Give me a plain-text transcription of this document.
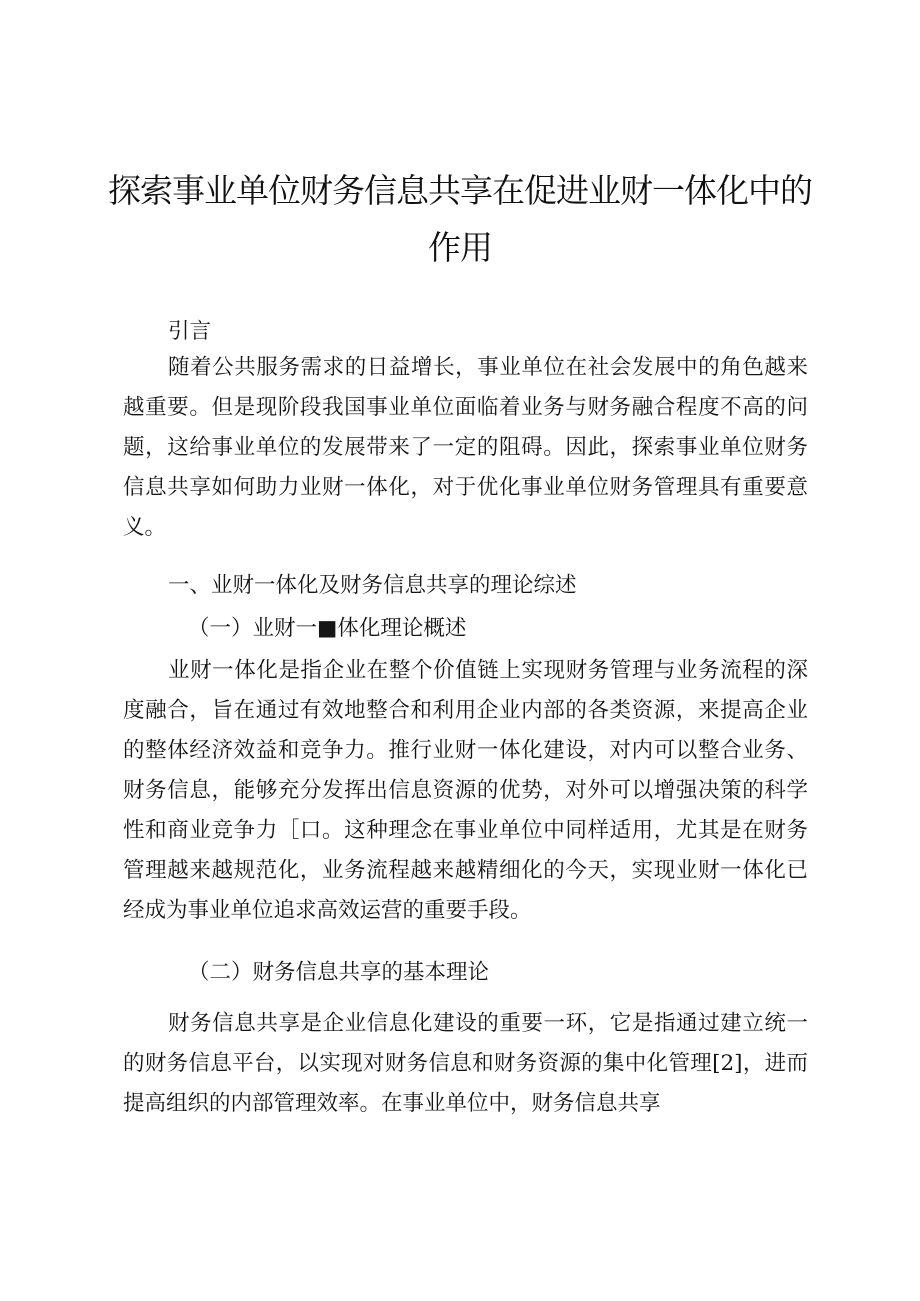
探索事业单位财务信息共享在促进业财一体化中的作用

引言

随着公共服务需求的日益增长，事业单位在社会发展中的角色越来越重要。但是现阶段我国事业单位面临着业务与财务融合程度不高的问题，这给事业单位的发展带来了一定的阻碍。因此，探索事业单位财务信息共享如何助力业财一体化，对于优化事业单位财务管理具有重要意义。

一、业财一体化及财务信息共享的理论综述

（一）业财一■体化理论概述

业财一体化是指企业在整个价值链上实现财务管理与业务流程的深度融合，旨在通过有效地整合和利用企业内部的各类资源，来提高企业的整体经济效益和竞争力。推行业财一体化建设，对内可以整合业务、财务信息，能够充分发挥出信息资源的优势，对外可以增强决策的科学性和商业竞争力［口。这种理念在事业单位中同样适用，尤其是在财务管理越来越规范化，业务流程越来越精细化的今天，实现业财一体化已经成为事业单位追求高效运营的重要手段。

（二）财务信息共享的基本理论

财务信息共享是企业信息化建设的重要一环，它是指通过建立统一的财务信息平台，以实现对财务信息和财务资源的集中化管理[2]，进而提高组织的内部管理效率。在事业单位中，财务信息共享
